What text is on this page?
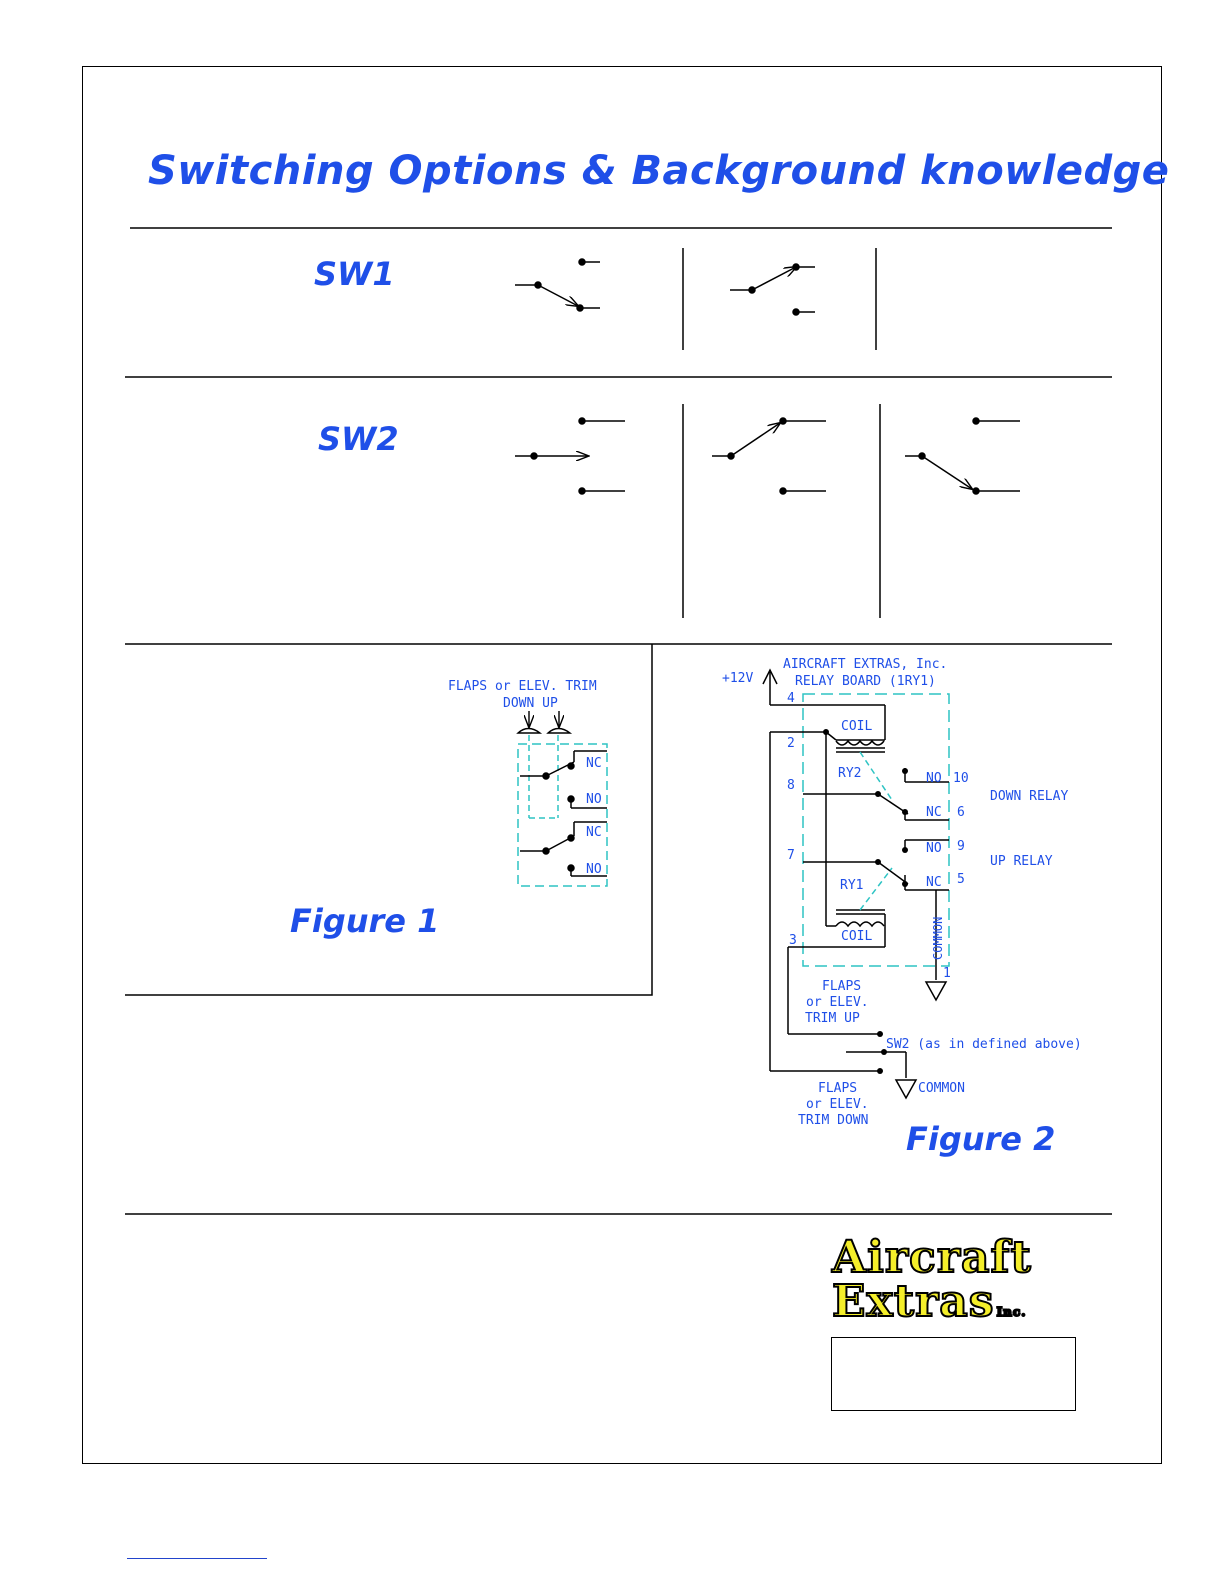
Switching Options & Background knowledge
SW1
SW2
Figure 1
Figure 2
FLAPS or ELEV. TRIM
DOWN UP
NC
NO
NC
NO
+12V
AIRCRAFT EXTRAS, Inc.
RELAY BOARD (1RY1)
COIL
RY2
RY1
COIL
4
2
8
7
3
10
6
9
5
1
NO
NC
NO
NC
COMMON
DOWN RELAY
UP RELAY
FLAPS
or ELEV.
TRIM UP
SW2 (as in defined above)
COMMON
FLAPS
or ELEV.
TRIM DOWN
Aircraft
Extras Inc.
